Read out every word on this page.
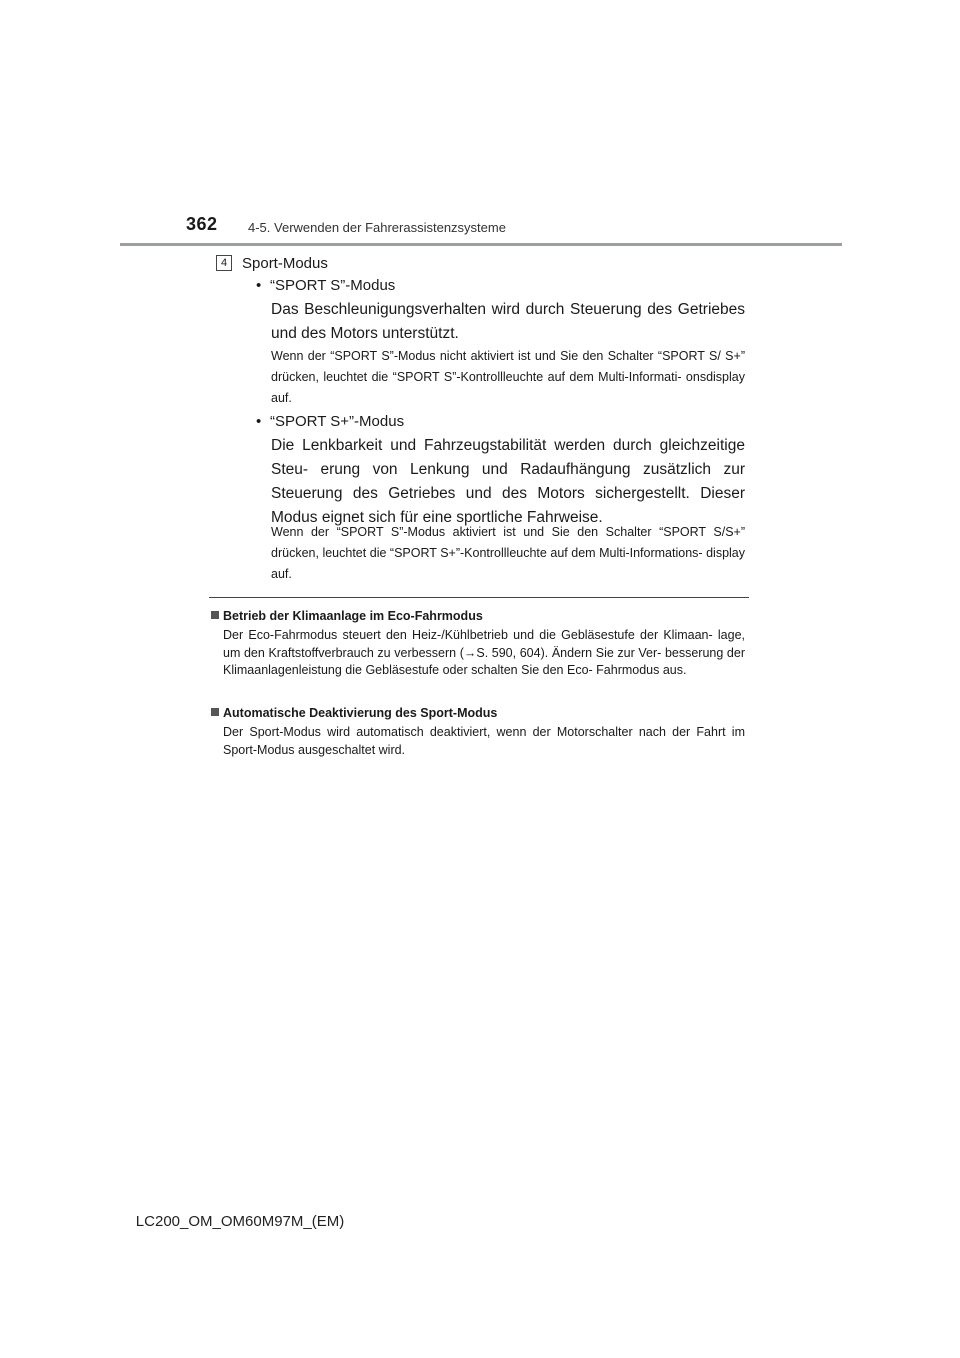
362 4-5. Verwenden der Fahrerassistenzsysteme
4 Sport-Modus
• “SPORT S”-Modus
Das Beschleunigungsverhalten wird durch Steuerung des Getriebes und des Motors unterstützt.
Wenn der “SPORT S”-Modus nicht aktiviert ist und Sie den Schalter “SPORT S/ S+” drücken, leuchtet die “SPORT S”-Kontrollleuchte auf dem Multi-Informati- onsdisplay auf.
• “SPORT S+”-Modus
Die Lenkbarkeit und Fahrzeugstabilität werden durch gleichzeitige Steu- erung von Lenkung und Radaufhängung zusätzlich zur Steuerung des Getriebes und des Motors sichergestellt. Dieser Modus eignet sich für eine sportliche Fahrweise.
Wenn der “SPORT S”-Modus aktiviert ist und Sie den Schalter “SPORT S/S+” drücken, leuchtet die “SPORT S+”-Kontrollleuchte auf dem Multi-Informations- display auf.
Betrieb der Klimaanlage im Eco-Fahrmodus
Der Eco-Fahrmodus steuert den Heiz-/Kühlbetrieb und die Gebläsestufe der Klimaan- lage, um den Kraftstoffverbrauch zu verbessern (→S. 590, 604). Ändern Sie zur Ver- besserung der Klimaanlagenleistung die Gebläsestufe oder schalten Sie den Eco- Fahrmodus aus.
Automatische Deaktivierung des Sport-Modus
Der Sport-Modus wird automatisch deaktiviert, wenn der Motorschalter nach der Fahrt im Sport-Modus ausgeschaltet wird.
LC200_OM_OM60M97M_(EM)
